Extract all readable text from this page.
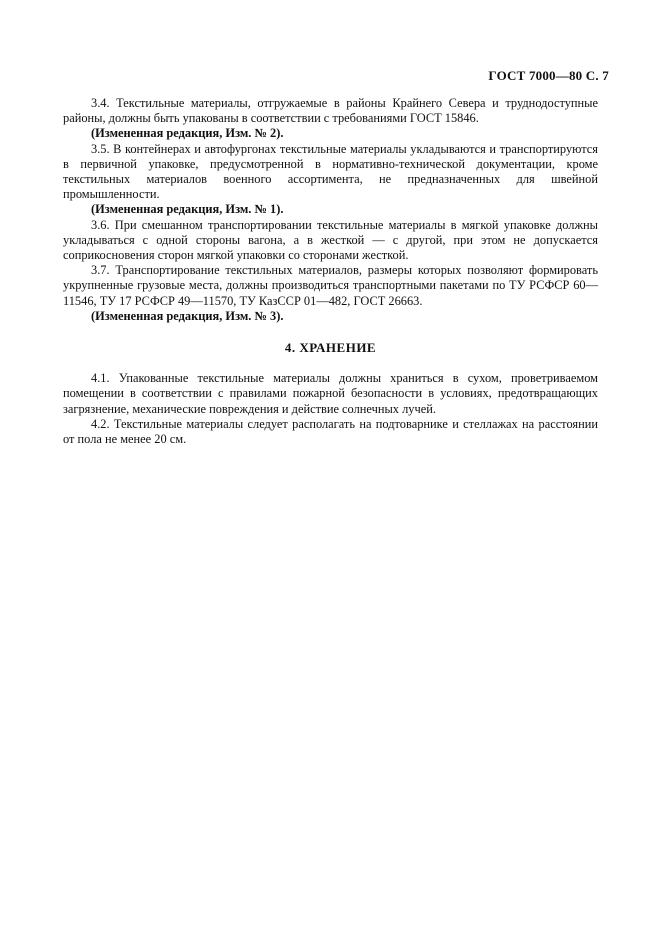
ГОСТ 7000—80 С. 7

3.4. Текстильные материалы, отгружаемые в районы Крайнего Севера и труднодоступные районы, должны быть упакованы в соответствии с требованиями ГОСТ 15846.

(Измененная редакция, Изм. № 2).

3.5. В контейнерах и автофургонах текстильные материалы укладываются и транспортируются в первичной упаковке, предусмотренной в нормативно-технической документации, кроме текстильных материалов военного ассортимента, не предназначенных для швейной промышленности.

(Измененная редакция, Изм. № 1).

3.6. При смешанном транспортировании текстильные материалы в мягкой упаковке должны укладываться с одной стороны вагона, а в жесткой — с другой, при этом не допускается соприкосновения сторон мягкой упаковки со сторонами жесткой.

3.7. Транспортирование текстильных материалов, размеры которых позволяют формировать укрупненные грузовые места, должны производиться транспортными пакетами по ТУ РСФСР 60—11546, ТУ 17 РСФСР 49—11570, ТУ КазССР 01—482, ГОСТ 26663.

(Измененная редакция, Изм. № 3).

4. ХРАНЕНИЕ

4.1. Упакованные текстильные материалы должны храниться в сухом, проветриваемом помещении в соответствии с правилами пожарной безопасности в условиях, предотвращающих загрязнение, механические повреждения и действие солнечных лучей.

4.2. Текстильные материалы следует располагать на подтоварнике и стеллажах на расстоянии от пола не менее 20 см.
